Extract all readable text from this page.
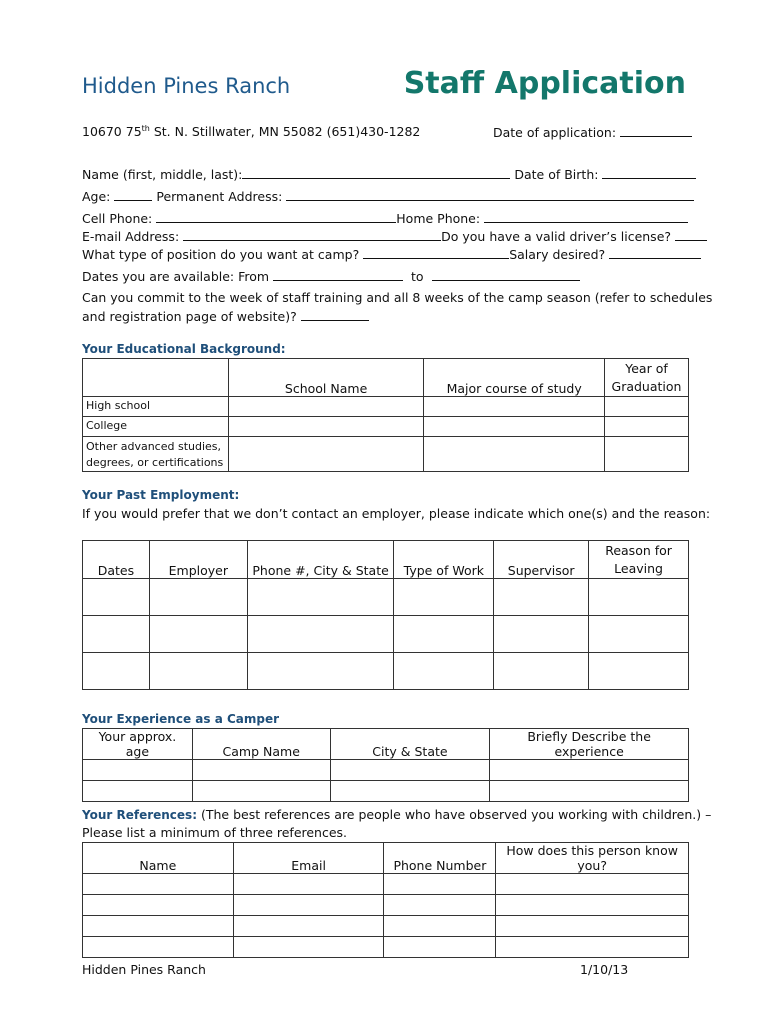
Hidden Pines Ranch	Staff Application
10670 75th St. N. Stillwater, MN 55082 (651)430-1282	Date of application:
Name (first, middle, last):	Date of Birth:
Age:	Permanent Address:
Cell Phone:	Home Phone:
E-mail Address:	Do you have a valid driver’s license?
What type of position do you want at camp?	Salary desired?
Dates you are available: From	to
Can you commit to the week of staff training and all 8 weeks of the camp season (refer to schedules
and registration page of website)?
Your Educational Background:
	School Name	Major course of study	Year of
Graduation

High school			
College			

Other advanced studies,
degrees, or certifications			

Your Past Employment:
If you would prefer that we don’t contact an employer, please indicate which one(s) and the reason:
Dates	Employer	Phone #, City & State	Type of Work	Supervisor	Reason for
Leaving

Your Experience as a Camper
Your approx. age	Camp Name	City & State	Briefly Describe the experience

Your References: (The best references are people who have observed you working with children.) –
Please list a minimum of three references.
Name	Email	Phone Number	How does this person know you?

Hidden Pines Ranch	1/10/13
